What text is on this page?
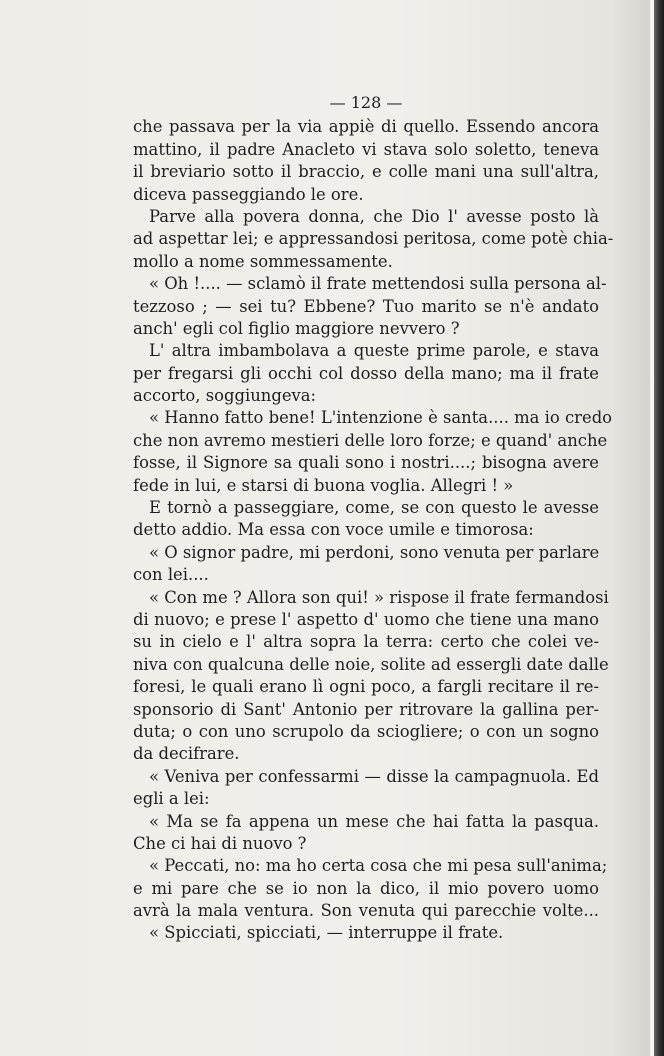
— 128 —
che passava per la via appiè di quello. Essendo ancora
mattino, il padre Anacleto vi stava solo soletto, teneva
il breviario sotto il braccio, e colle mani una sull'altra,
diceva passeggiando le ore.
Parve alla povera donna, che Dio l' avesse posto là
ad aspettar lei; e appressandosi peritosa, come potè chia-
mollo a nome sommessamente.
« Oh !.... — sclamò il frate mettendosi sulla persona al-
tezzoso ; — sei tu? Ebbene? Tuo marito se n'è andato
anch' egli col figlio maggiore nevvero ?
L' altra imbambolava a queste prime parole, e stava
per fregarsi gli occhi col dosso della mano; ma il frate
accorto, soggiungeva:
« Hanno fatto bene! L'intenzione è santa.... ma io credo
che non avremo mestieri delle loro forze; e quand' anche
fosse, il Signore sa quali sono i nostri....; bisogna avere
fede in lui, e starsi di buona voglia. Allegri ! »
E tornò a passeggiare, come, se con questo le avesse
detto addio. Ma essa con voce umile e timorosa:
« O signor padre, mi perdoni, sono venuta per parlare
con lei....
« Con me ? Allora son qui! » rispose il frate fermandosi
di nuovo; e prese l' aspetto d' uomo che tiene una mano
su in cielo e l' altra sopra la terra: certo che colei ve-
niva con qualcuna delle noie, solite ad essergli date dalle
foresi, le quali erano lì ogni poco, a fargli recitare il re-
sponsorio di Sant' Antonio per ritrovare la gallina per-
duta; o con uno scrupolo da sciogliere; o con un sogno
da decifrare.
« Veniva per confessarmi — disse la campagnuola. Ed
egli a lei:
« Ma se fa appena un mese che hai fatta la pasqua.
Che ci hai di nuovo ?
« Peccati, no: ma ho certa cosa che mi pesa sull'anima;
e mi pare che se io non la dico, il mio povero uomo
avrà la mala ventura. Son venuta qui parecchie volte...
« Spicciati, spicciati, — interruppe il frate.
